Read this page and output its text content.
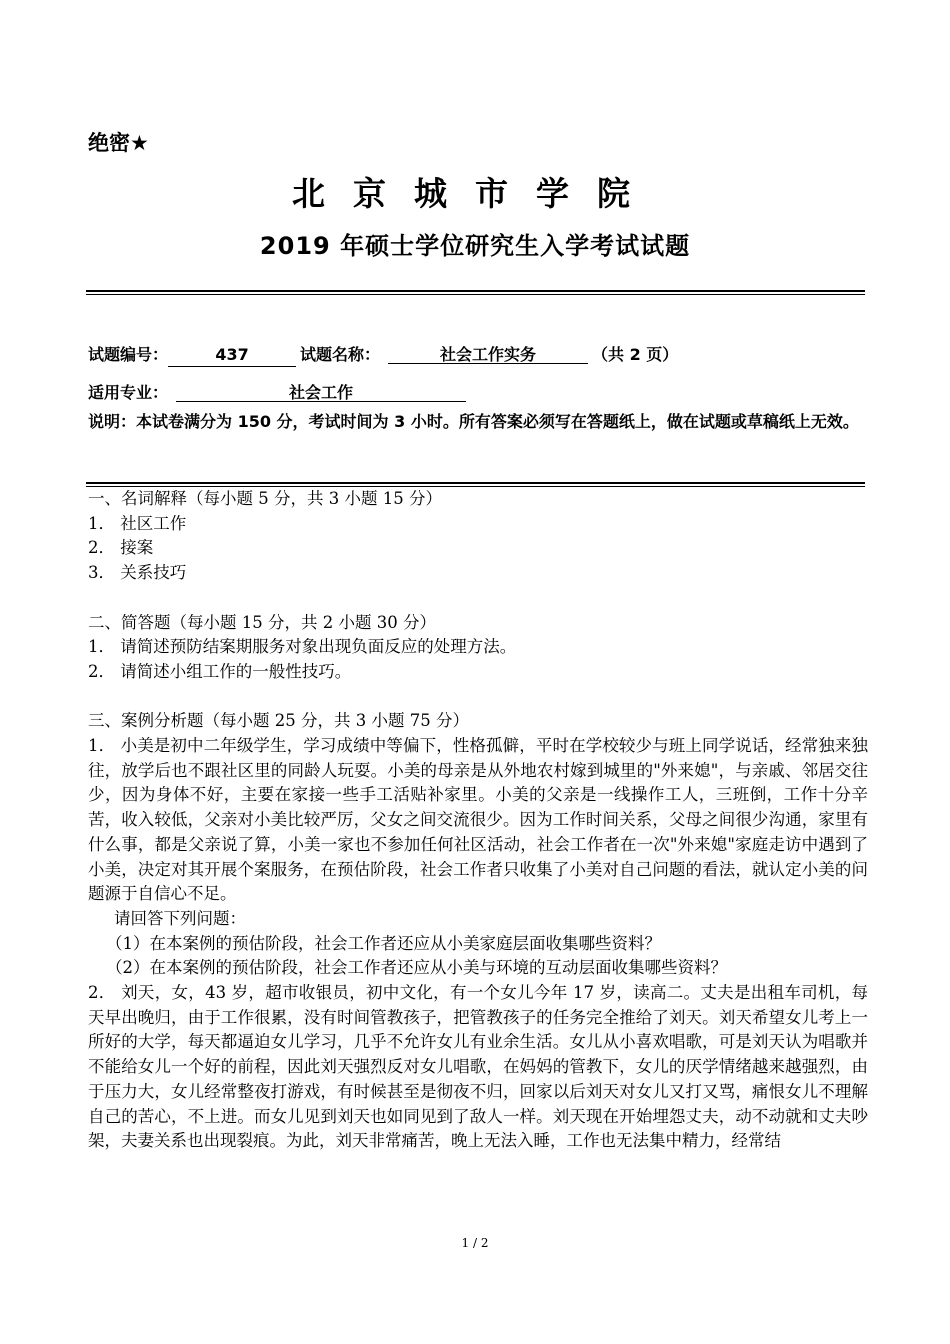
绝密★
北京城市学院
2019 年硕士学位研究生入学考试试题
试题编号：	437	试题名称：	社会工作实务	（共 2 页）
适用专业：	社会工作
说明：本试卷满分为 150 分，考试时间为 3 小时。所有答案必须写在答题纸上，做在试题或草稿纸上无效。

一、名词解释（每小题 5 分，共 3 小题 15 分）

1． 社区工作

2． 接案

3． 关系技巧

二、简答题（每小题 15 分，共 2 小题 30 分）

1． 请简述预防结案期服务对象出现负面反应的处理方法。

2． 请简述小组工作的一般性技巧。

三、案例分析题（每小题 25 分，共 3 小题 75 分）

1． 小美是初中二年级学生，学习成绩中等偏下，性格孤僻，平时在学校较少与班上同学说话，经常独来独往，放学后也不跟社区里的同龄人玩耍。小美的母亲是从外地农村嫁到城里的"外来媳"，与亲戚、邻居交往少，因为身体不好，主要在家接一些手工活贴补家里。小美的父亲是一线操作工人，三班倒，工作十分辛苦，收入较低，父亲对小美比较严厉，父女之间交流很少。因为工作时间关系，父母之间很少沟通，家里有什么事，都是父亲说了算，小美一家也不参加任何社区活动，社会工作者在一次"外来媳"家庭走访中遇到了小美，决定对其开展个案服务，在预估阶段，社会工作者只收集了小美对自己问题的看法，就认定小美的问题源于自信心不足。

请回答下列问题：

（1）在本案例的预估阶段，社会工作者还应从小美家庭层面收集哪些资料？

（2）在本案例的预估阶段，社会工作者还应从小美与环境的互动层面收集哪些资料？

2． 刘天，女，43 岁，超市收银员，初中文化，有一个女儿今年 17 岁，读高二。丈夫是出租车司机，每天早出晚归，由于工作很累，没有时间管教孩子，把管教孩子的任务完全推给了刘天。刘天希望女儿考上一所好的大学，每天都逼迫女儿学习，几乎不允许女儿有业余生活。女儿从小喜欢唱歌，可是刘天认为唱歌并不能给女儿一个好的前程，因此刘天强烈反对女儿唱歌，在妈妈的管教下，女儿的厌学情绪越来越强烈，由于压力大，女儿经常整夜打游戏，有时候甚至是彻夜不归，回家以后刘天对女儿又打又骂，痛恨女儿不理解自己的苦心，不上进。而女儿见到刘天也如同见到了敌人一样。刘天现在开始埋怨丈夫，动不动就和丈夫吵架，夫妻关系也出现裂痕。为此，刘天非常痛苦，晚上无法入睡，工作也无法集中精力，经常结

1 / 2
